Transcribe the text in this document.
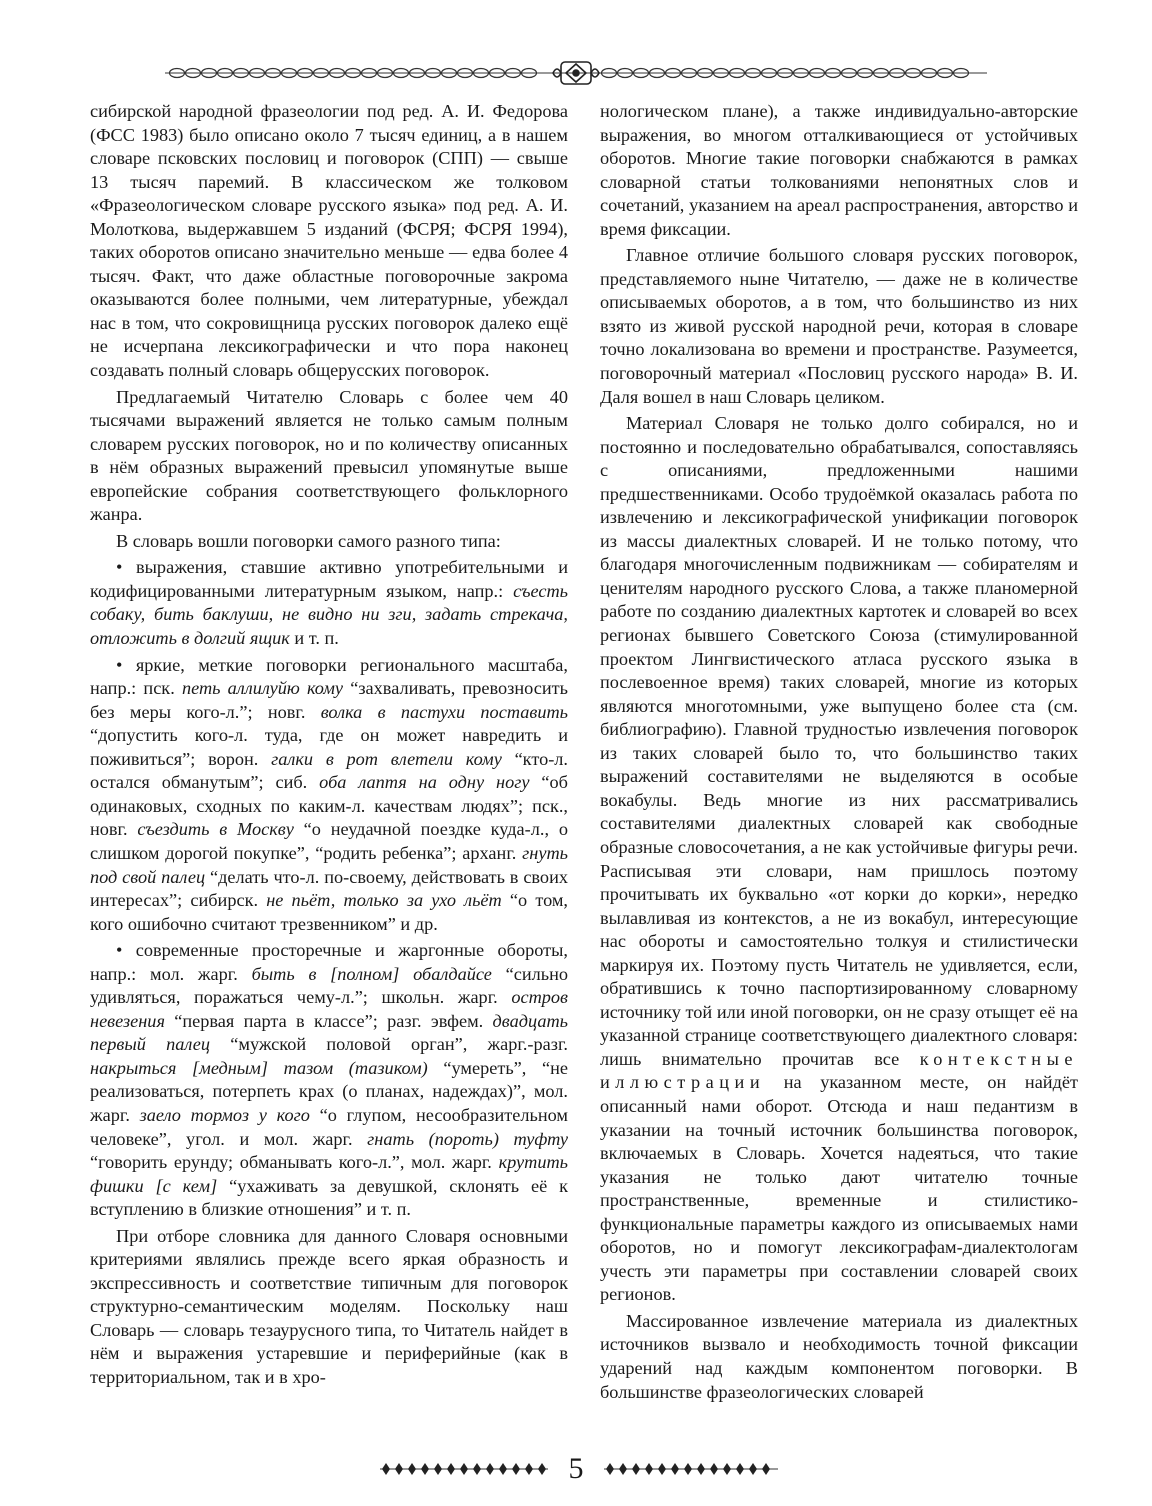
сибирской народной фразеологии под ред. А. И. Федорова (ФСС 1983) было описано около 7 тысяч единиц, а в нашем словаре псковских пословиц и поговорок (СПП) — свыше 13 тысяч паремий. В классическом же толковом «Фразеологическом словаре русского языка» под ред. А. И. Молоткова, выдержавшем 5 изданий (ФСРЯ; ФСРЯ 1994), таких оборотов описано значительно меньше — едва более 4 тысяч. Факт, что даже областные поговорочные закрома оказываются более полными, чем литературные, убеждал нас в том, что сокровищница русских поговорок далеко ещё не исчерпана лексикографически и что пора наконец создавать полный словарь общерусских поговорок.

Предлагаемый Читателю Словарь с более чем 40 тысячами выражений является не только самым полным словарем русских поговорок, но и по количеству описанных в нём образных выражений превысил упомянутые выше европейские собрания соответствующего фольклорного жанра.

В словарь вошли поговорки самого разного типа:

• выражения, ставшие активно употребительными и кодифицированными литературным языком, напр.: съесть собаку, бить баклуши, не видно ни зги, задать стрекача, отложить в долгий ящик и т. п.

• яркие, меткие поговорки регионального масштаба, напр.: пск. петь аллилуйю кому “захваливать, превозносить без меры кого-л.”; новг. волка в пастухи поставить “допустить кого-л. туда, где он может навредить и поживиться”; ворон. галки в рот влетели кому “кто-л. остался обманутым”; сиб. оба лаптя на одну ногу “об одинаковых, сходных по каким-л. качествам людях”; пск., новг. съездить в Москву “о неудачной поездке куда-л., о слишком дорогой покупке”, “родить ребенка”; арханг. гнуть под свой палец “делать что-л. по-своему, действовать в своих интересах”; сибирск. не пьёт, только за ухо льёт “о том, кого ошибочно считают трезвенником” и др.

• современные просторечные и жаргонные обороты, напр.: мол. жарг. быть в [полном] обалдайсе “сильно удивляться, поражаться чему-л.”; школьн. жарг. остров невезения “первая парта в классе”; разг. эвфем. двадцать первый палец “мужской половой орган”, жарг.-разг. накрыться [медным] тазом (тазиком) “умереть”, “не реализоваться, потерпеть крах (о планах, надеждах)”, мол. жарг. заело тормоз у кого “о глупом, несообразительном человеке”, угол. и мол. жарг. гнать (пороть) туфту “говорить ерунду; обманывать кого-л.”, мол. жарг. крутить фишки [с кем] “ухаживать за девушкой, склонять её к вступлению в близкие отношения” и т. п.

При отборе словника для данного Словаря основными критериями являлись прежде всего яркая образность и экспрессивность и соответствие типичным для поговорок структурно-семантическим моделям. Поскольку наш Словарь — словарь тезаурусного типа, то Читатель найдет в нём и выражения устаревшие и периферийные (как в территориальном, так и в хро-

нологическом плане), а также индивидуально-авторские выражения, во многом отталкивающиеся от устойчивых оборотов. Многие такие поговорки снабжаются в рамках словарной статьи толкованиями непонятных слов и сочетаний, указанием на ареал распространения, авторство и время фиксации.

Главное отличие большого словаря русских поговорок, представляемого ныне Читателю, — даже не в количестве описываемых оборотов, а в том, что большинство из них взято из живой русской народной речи, которая в словаре точно локализована во времени и пространстве. Разумеется, поговорочный материал «Пословиц русского народа» В. И. Даля вошел в наш Словарь целиком.

Материал Словаря не только долго собирался, но и постоянно и последовательно обрабатывался, сопоставляясь с описаниями, предложенными нашими предшественниками. Особо трудоёмкой оказалась работа по извлечению и лексикографической унификации поговорок из массы диалектных словарей. И не только потому, что благодаря многочисленным подвижникам — собирателям и ценителям народного русского Слова, а также планомерной работе по созданию диалектных картотек и словарей во всех регионах бывшего Советского Союза (стимулированной проектом Лингвистического атласа русского языка в послевоенное время) таких словарей, многие из которых являются многотомными, уже выпущено более ста (см. библиографию). Главной трудностью извлечения поговорок из таких словарей было то, что большинство таких выражений составителями не выделяются в особые вокабулы. Ведь многие из них рассматривались составителями диалектных словарей как свободные образные словосочетания, а не как устойчивые фигуры речи. Расписывая эти словари, нам пришлось поэтому прочитывать их буквально «от корки до корки», нередко вылавливая из контекстов, а не из вокабул, интересующие нас обороты и самостоятельно толкуя и стилистически маркируя их. Поэтому пусть Читатель не удивляется, если, обратившись к точно паспортизированному словарному источнику той или иной поговорки, он не сразу отыщет её на указанной странице соответствующего диалектного словаря: лишь внимательно прочитав все контекстные иллюстрации на указанном месте, он найдёт описанный нами оборот. Отсюда и наш педантизм в указании на точный источник большинства поговорок, включаемых в Словарь. Хочется надеяться, что такие указания не только дают читателю точные пространственные, временные и стилистико-функциональные параметры каждого из описываемых нами оборотов, но и помогут лексикографам-диалектологам учесть эти параметры при составлении словарей своих регионов.

Массированное извлечение материала из диалектных источников вызвало и необходимость точной фиксации ударений над каждым компонентом поговорки. В большинстве фразеологических словарей

5
